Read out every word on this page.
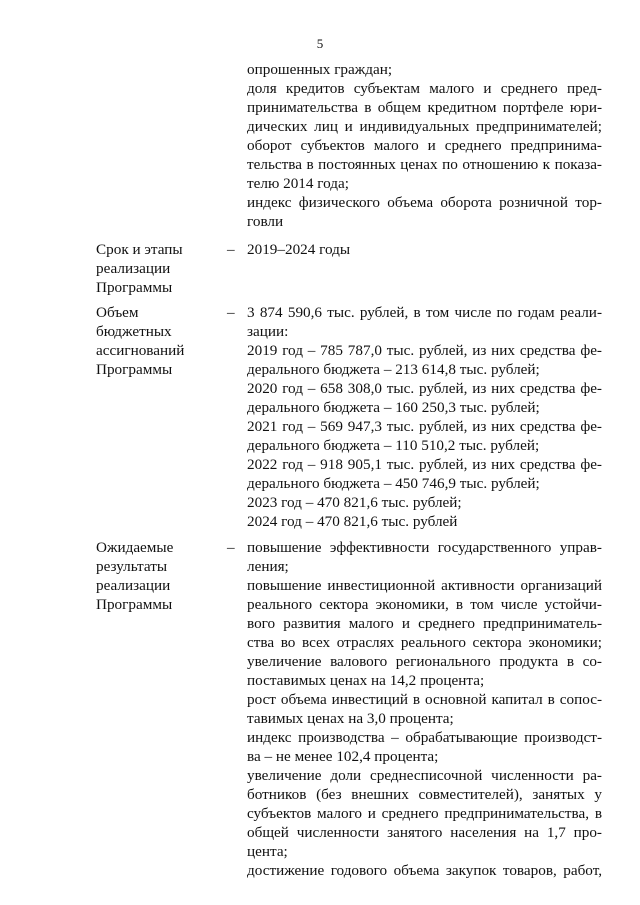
5
опрошенных граждан;
доля кредитов субъектам малого и среднего пред-
принимательства в общем кредитном портфеле юри-
дических лиц и индивидуальных предпринимателей;
оборот субъектов малого и среднего предпринима-
тельства в постоянных ценах по отношению к показа-
телю 2014 года;
индекс физического объема оборота розничной тор-
говли
Срок и этапы
реализации
Программы
– 2019–2024 годы
Объем
бюджетных
ассигнований
Программы
– 3 874 590,6 тыс. рублей, в том числе по годам реали-
зации:
2019 год – 785 787,0 тыс. рублей, из них средства фе-
дерального бюджета – 213 614,8 тыс. рублей;
2020 год – 658 308,0 тыс. рублей, из них средства фе-
дерального бюджета – 160 250,3 тыс. рублей;
2021 год – 569 947,3 тыс. рублей, из них средства фе-
дерального бюджета – 110 510,2 тыс. рублей;
2022 год – 918 905,1 тыс. рублей, из них средства фе-
дерального бюджета – 450 746,9 тыс. рублей;
2023 год – 470 821,6 тыс. рублей;
2024 год – 470 821,6 тыс. рублей
Ожидаемые
результаты
реализации
Программы
– повышение эффективности государственного управ-
ления;
повышение инвестиционной активности организаций
реального сектора экономики, в том числе устойчи-
вого развития малого и среднего предприниматель-
ства во всех отраслях реального сектора экономики;
увеличение валового регионального продукта в со-
поставимых ценах на 14,2 процента;
рост объема инвестиций в основной капитал в сопос-
тавимых ценах на 3,0 процента;
индекс производства – обрабатывающие производст-
ва – не менее 102,4 процента;
увеличение доли среднесписочной численности ра-
ботников (без внешних совместителей), занятых у
субъектов малого и среднего предпринимательства, в
общей численности занятого населения на 1,7 про-
цента;
достижение годового объема закупок товаров, работ,
